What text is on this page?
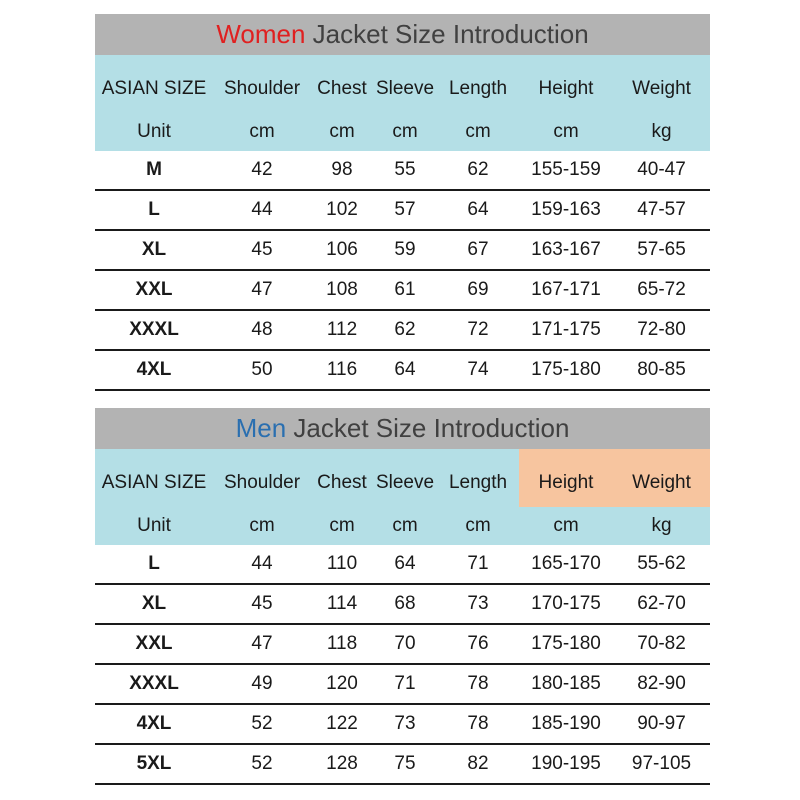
Women Jacket Size Introduction						
ASIAN SIZE	Shoulder	Chest	Sleeve	Length	Height	Weight
Unit	cm	cm	cm	cm	cm	kg
M	42	98	55	62	155-159	40-47
L	44	102	57	64	159-163	47-57
XL	45	106	59	67	163-167	57-65
XXL	47	108	61	69	167-171	65-72
XXXL	48	112	62	72	171-175	72-80
4XL	50	116	64	74	175-180	80-85
Men Jacket Size Introduction						
ASIAN SIZE	Shoulder	Chest	Sleeve	Length	Height	Weight
Unit	cm	cm	cm	cm	cm	kg
L	44	110	64	71	165-170	55-62
XL	45	114	68	73	170-175	62-70
XXL	47	118	70	76	175-180	70-82
XXXL	49	120	71	78	180-185	82-90
4XL	52	122	73	78	185-190	90-97
5XL	52	128	75	82	190-195	97-105
